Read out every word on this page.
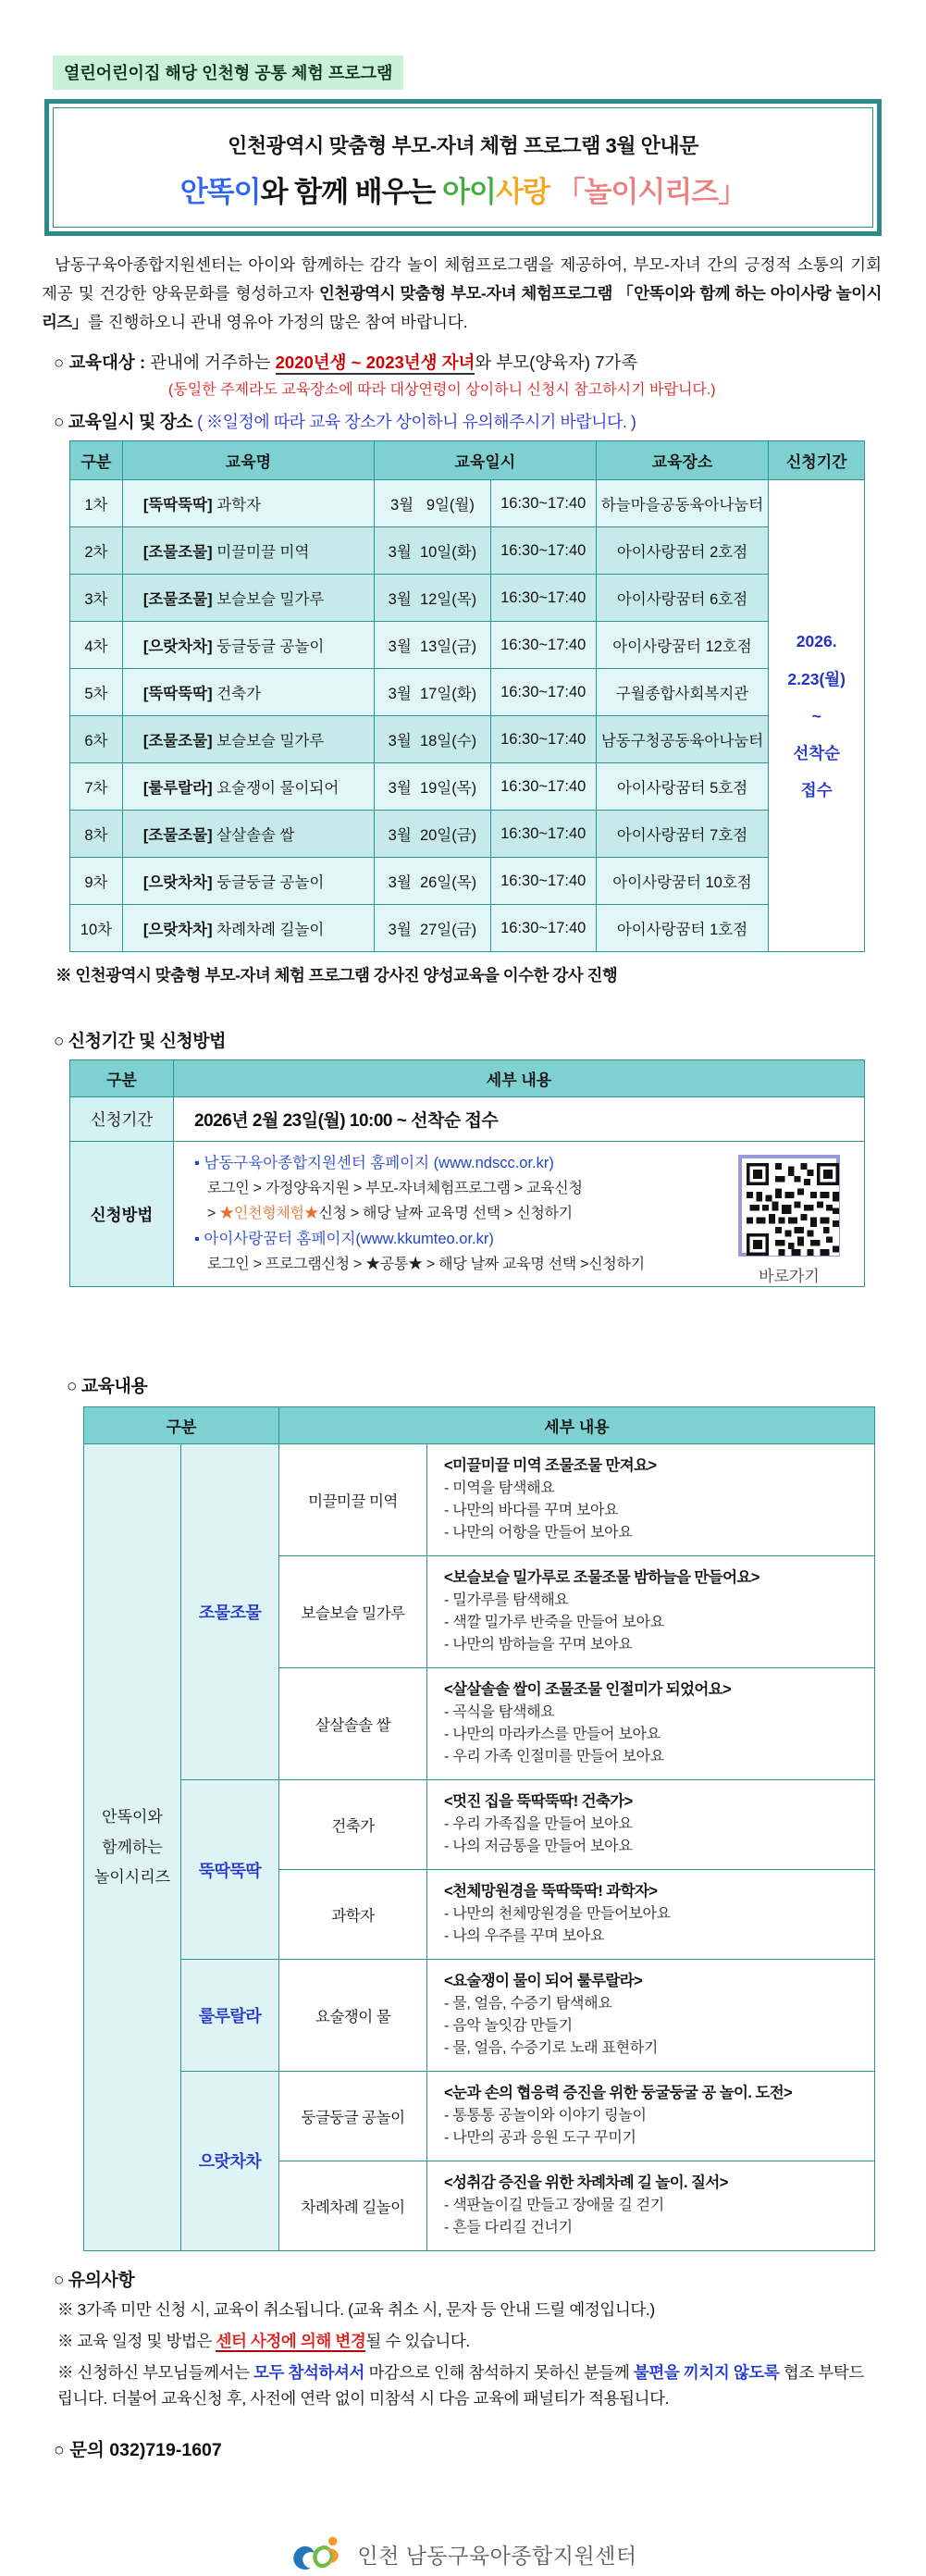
열린어린이집 해당 인천형 공통 체험 프로그램
인천광역시 맞춤형 부모-자녀 체험 프로그램 3월 안내문
안똑이와 함께 배우는 아이사랑 「놀이시리즈」

남동구육아종합지원센터는 아이와 함께하는 감각 놀이 체험프로그램을 제공하여, 부모-자녀 간의 긍정적 소통의 기회 제공 및 건강한 양육문화를 형성하고자 인천광역시 맞춤형 부모-자녀 체험프로그램 「안똑이와 함께 하는 아이사랑 놀이시리즈」를 진행하오니 관내 영유아 가정의 많은 참여 바랍니다.

○ 교육대상 : 관내에 거주하는 2020년생 ~ 2023년생 자녀와 부모(양육자) 7가족
(동일한 주제라도 교육장소에 따라 대상연령이 상이하니 신청시 참고하시기 바랍니다.)
○ 교육일시 및 장소 ( ※일정에 따라 교육 장소가 상이하니 유의해주시기 바랍니다. )
구분	교육명	교육일시		교육장소	신청기간
1차	[뚝딱뚝딱] 과학자	3월   9일(월)	16:30~17:40	하늘마을공동육아나눔터	2026.
2.23(월)
~
선착순
접수

2차	[조물조물] 미끌미끌 미역	3월  10일(화)	16:30~17:40	아이사랑꿈터 2호점	
3차	[조물조물] 보슬보슬 밀가루	3월  12일(목)	16:30~17:40	아이사랑꿈터 6호점	
4차	[으랏차차] 둥글둥글 공놀이	3월  13일(금)	16:30~17:40	아이사랑꿈터 12호점	
5차	[뚝딱뚝딱] 건축가	3월  17일(화)	16:30~17:40	구월종합사회복지관	
6차	[조물조물] 보슬보슬 밀가루	3월  18일(수)	16:30~17:40	남동구청공동육아나눔터	
7차	[룰루랄라] 요술쟁이 물이되어	3월  19일(목)	16:30~17:40	아이사랑꿈터 5호점	
8차	[조물조물] 살살솔솔 쌀	3월  20일(금)	16:30~17:40	아이사랑꿈터 7호점	
9차	[으랏차차] 둥글둥글 공놀이	3월  26일(목)	16:30~17:40	아이사랑꿈터 10호점	
10차	[으랏차차] 차례차례 길놀이	3월  27일(금)	16:30~17:40	아이사랑꿈터 1호점	
※ 인천광역시 맞춤형 부모-자녀 체험 프로그램 강사진 양성교육을 이수한 강사 진행
○ 신청기간 및 신청방법
구분	세부 내용
신청기간	2026년 2월 23일(월) 10:00 ~ 선착순 접수
신청방법	
▪ 남동구육아종합지원센터 홈페이지 (www.ndscc.or.kr)
로그인 > 가정양육지원 > 부모-자녀체험프로그램 > 교육신청
> ★인천형체험★신청 > 해당 날짜 교육명 선택 > 신청하기
▪ 아이사랑꿈터 홈페이지(www.kkumteo.or.kr)
로그인 > 프로그램신청 > ★공통★ > 해당 날짜 교육명 선택 >신청하기
바로가기
○ 교육내용
구분		세부 내용	

안똑이와
함께하는
놀이시리즈
	조물조물	미끌미끌 미역	
<미끌미끌 미역 조물조물 만져요>
- 미역을 탐색해요
- 나만의 바다를 꾸며 보아요
- 나만의 어항을 만들어 보아요

		보슬보슬 밀가루	<보슬보슬 밀가루로 조물조물 밤하늘을 만들어요>
- 밀가루를 탐색해요
- 색깔 밀가루 반죽을 만들어 보아요
- 나만의 밤하늘을 꾸며 보아요

		살살솔솔 쌀	<살살솔솔 쌀이 조물조물 인절미가 되었어요>
- 곡식을 탐색해요
- 나만의 마라카스를 만들어 보아요
- 우리 가족 인절미를 만들어 보아요

	뚝딱뚝딱	건축가	<멋진 집을 뚝딱뚝딱! 건축가>
- 우리 가족집을 만들어 보아요
- 나의 저금통을 만들어 보아요

		과학자	<천체망원경을 뚝딱뚝딱! 과학자>
- 나만의 천체망원경을 만들어보아요
- 나의 우주를 꾸며 보아요

	룰루랄라	요술쟁이 물	<요술쟁이 물이 되어 룰루랄라>
- 물, 얼음, 수증기 탐색해요
- 음악 놀잇감 만들기
- 물, 얼음, 수증기로 노래 표현하기

	으랏차차	둥글둥글 공놀이	<눈과 손의 협응력 증진을 위한 둥굴둥굴 공 놀이. 도전>
- 통통통 공놀이와 이야기 링놀이
- 나만의 공과 응원 도구 꾸미기

		차례차례 길놀이	<성취감 증진을 위한 차례차례 길 놀이. 질서>
- 색판놀이길 만들고 장애물 길 걷기
- 흔들 다리길 건너기
○ 유의사항
※ 3가족 미만 신청 시, 교육이 취소됩니다. (교육 취소 시, 문자 등 안내 드릴 예정입니다.)
※ 교육 일정 및 방법은 센터 사정에 의해 변경될 수 있습니다.
※ 신청하신 부모님들께서는 모두 참석하셔서 마감으로 인해 참석하지 못하신 분들께 불편을 끼치지 않도록 협조 부탁드립니다. 더불어 교육신청 후, 사전에 연락 없이 미참석 시 다음 교육에 패널티가 적용됩니다.
○ 문의 032)719-1607
인천 남동구육아종합지원센터
